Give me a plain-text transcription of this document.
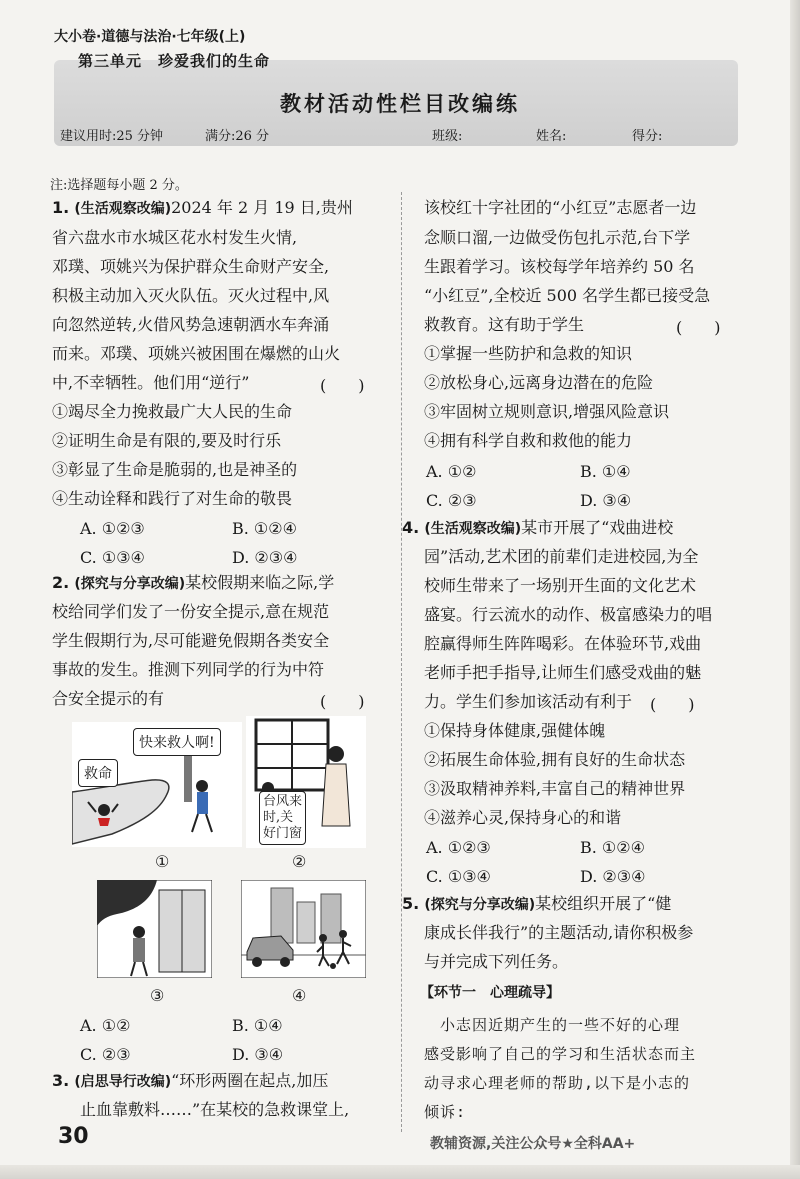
大小卷·道德与法治·七年级(上)
第三单元　珍爱我们的生命
教材活动性栏目改编练
建议用时:25 分钟	满分:26 分	班级:	姓名:	得分:
注:选择题每小题 2 分。
1. (生活观察改编)2024 年 2 月 19 日,贵州
省六盘水市水城区花水村发生火情,
邓璞、项姚兴为保护群众生命财产安全,
积极主动加入灭火队伍。灭火过程中,风
向忽然逆转,火借风势急速朝洒水车奔涌
而来。邓璞、项姚兴被困围在爆燃的山火
中,不幸牺牲。他们用“逆行”	(　　)
①竭尽全力挽救最广大人民的生命
②证明生命是有限的,要及时行乐
③彰显了生命是脆弱的,也是神圣的
④生动诠释和践行了对生命的敬畏
A. ①②③	B. ①②④
C. ①③④	D. ②③④
2. (探究与分享改编)某校假期来临之际,学
校给同学们发了一份安全提示,意在规范
学生假期行为,尽可能避免假期各类安全
事故的发生。推测下列同学的行为中符
合安全提示的有	(　　)
快来救人啊!
救命
①
台风来
时,关
好门窗
②
③	④
A. ①②	B. ①④
C. ②③	D. ③④
3. (启思导行改编)“环形两圈在起点,加压
止血靠敷料……”在某校的急救课堂上,
该校红十字社团的“小红豆”志愿者一边
念顺口溜,一边做受伤包扎示范,台下学
生跟着学习。该校每学年培养约 50 名
“小红豆”,全校近 500 名学生都已接受急
救教育。这有助于学生	(　　)
①掌握一些防护和急救的知识
②放松身心,远离身边潜在的危险
③牢固树立规则意识,增强风险意识
④拥有科学自救和救他的能力
A. ①②	B. ①④
C. ②③	D. ③④
4. (生活观察改编)某市开展了“戏曲进校
园”活动,艺术团的前辈们走进校园,为全
校师生带来了一场别开生面的文化艺术
盛宴。行云流水的动作、极富感染力的唱
腔赢得师生阵阵喝彩。在体验环节,戏曲
老师手把手指导,让师生们感受戏曲的魅
力。学生们参加该活动有利于 (　　)
①保持身体健康,强健体魄
②拓展生命体验,拥有良好的生命状态
③汲取精神养料,丰富自己的精神世界
④滋养心灵,保持身心的和谐
A. ①②③	B. ①②④
C. ①③④	D. ②③④
5. (探究与分享改编)某校组织开展了“健
康成长伴我行”的主题活动,请你积极参
与并完成下列任务。
【环节一　心理疏导】
　小志因近期产生的一些不好的心理
感受影响了自己的学习和生活状态而主
动寻求心理老师的帮助,以下是小志的
倾诉:
30	教辅资源,关注公众号★全科AA+
